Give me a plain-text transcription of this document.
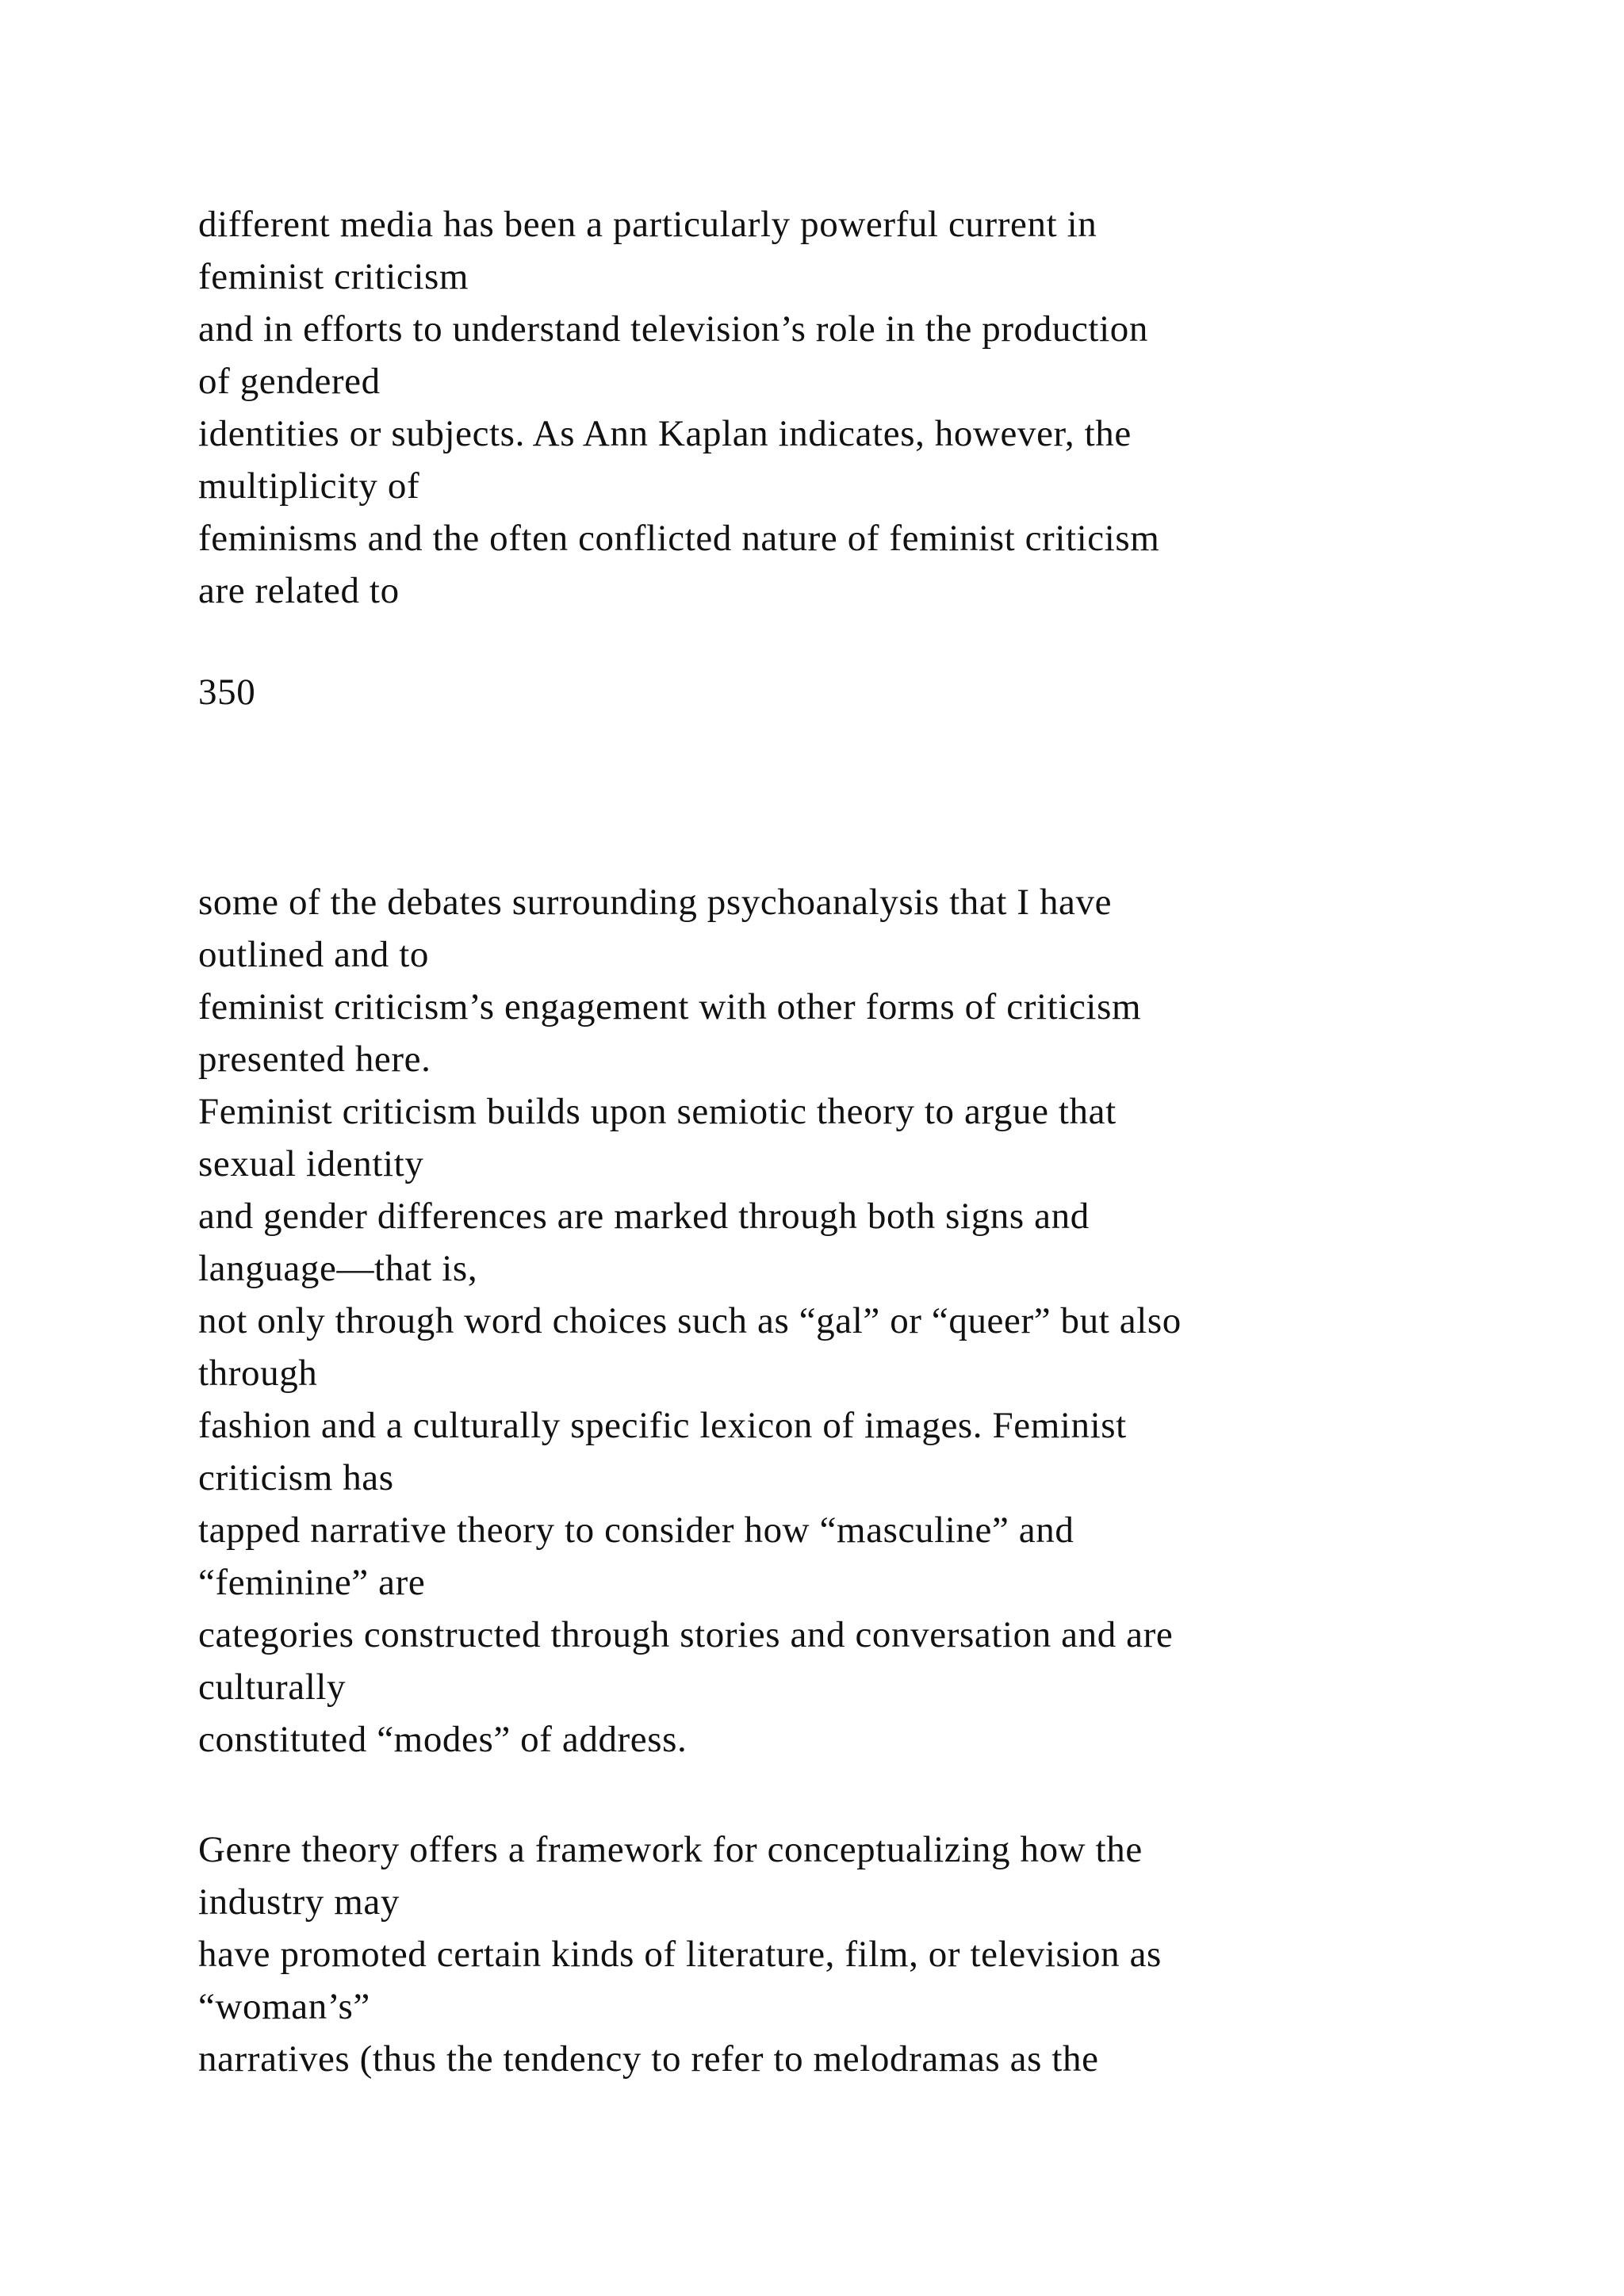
different media has been a particularly powerful current in
feminist criticism
and in efforts to understand television’s role in the production
of gendered
identities or subjects. As Ann Kaplan indicates, however, the
multiplicity of
feminisms and the often conflicted nature of feminist criticism
are related to
350
some of the debates surrounding psychoanalysis that I have
outlined and to
feminist criticism’s engagement with other forms of criticism
presented here.
Feminist criticism builds upon semiotic theory to argue that
sexual identity
and gender differences are marked through both signs and
language—that is,
not only through word choices such as “gal” or “queer” but also
through
fashion and a culturally specific lexicon of images. Feminist
criticism has
tapped narrative theory to consider how “masculine” and
“feminine” are
categories constructed through stories and conversation and are
culturally
constituted “modes” of address.
Genre theory offers a framework for conceptualizing how the
industry may
have promoted certain kinds of literature, film, or television as
“woman’s”
narratives (thus the tendency to refer to melodramas as the
